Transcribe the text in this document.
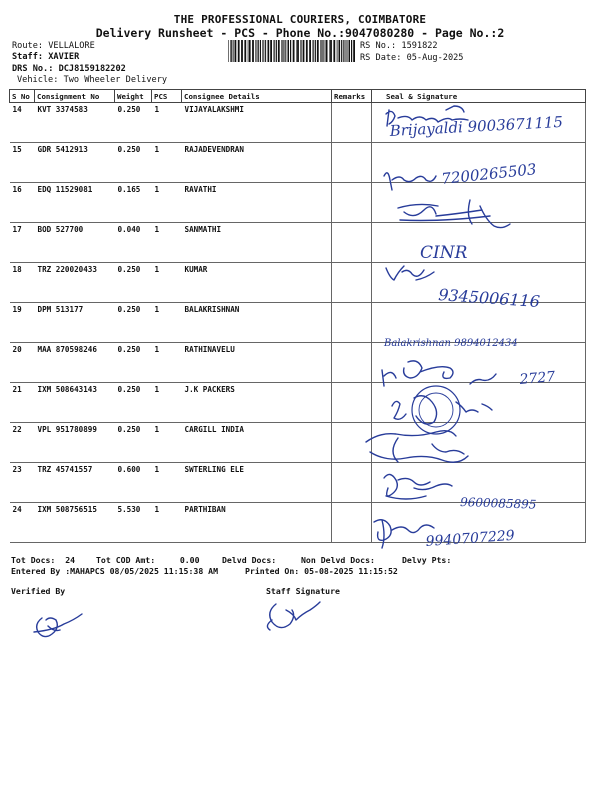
THE PROFESSIONAL COURIERS, COIMBATORE
Delivery Runsheet - PCS - Phone No.:9047080280 - Page No.:2
Route: VELLALORE
Staff: XAVIER
DRS No.: DCJ8159182202
Vehicle: Two Wheeler Delivery
RS No.: 1591822
RS Date: 05-Aug-2025
S No	Consignment No	Weight	PCS	Consignee Details	Remarks	Seal & Signature
14	KVT 3374583	0.250	1	VIJAYALAKSHMI		
15	GDR 5412913	0.250	1	RAJADEVENDRAN		
16	EDQ 11529081	0.165	1	RAVATHI		
17	BOD 527700	0.040	1	SANMATHI		
18	TRZ 220020433	0.250	1	KUMAR		
19	DPM 513177	0.250	1	BALAKRISHNAN		
20	MAA 870598246	0.250	1	RATHINAVELU		
21	IXM 508643143	0.250	1	J.K PACKERS		
22	VPL 951780899	0.250	1	CARGILL INDIA		
23	TRZ 45741557	0.600	1	SWTERLING ELE		
24	IXM 508756515	5.530	1	PARTHIBAN		
Tot Docs: 24	Tot COD Amt:	0.00	Delvd Docs:	Non Delvd Docs:	Delvy Pts:
Entered By :MAHAPCS 08/05/2025 11:15:38 AM	Printed On: 05-08-2025 11:15:52
Verified By	Staff Signature
Brijayaldi 9003671115
7200265503
CINR
9345006116
Balakrishnan 9894012434
2727
9600085895
9940707229
